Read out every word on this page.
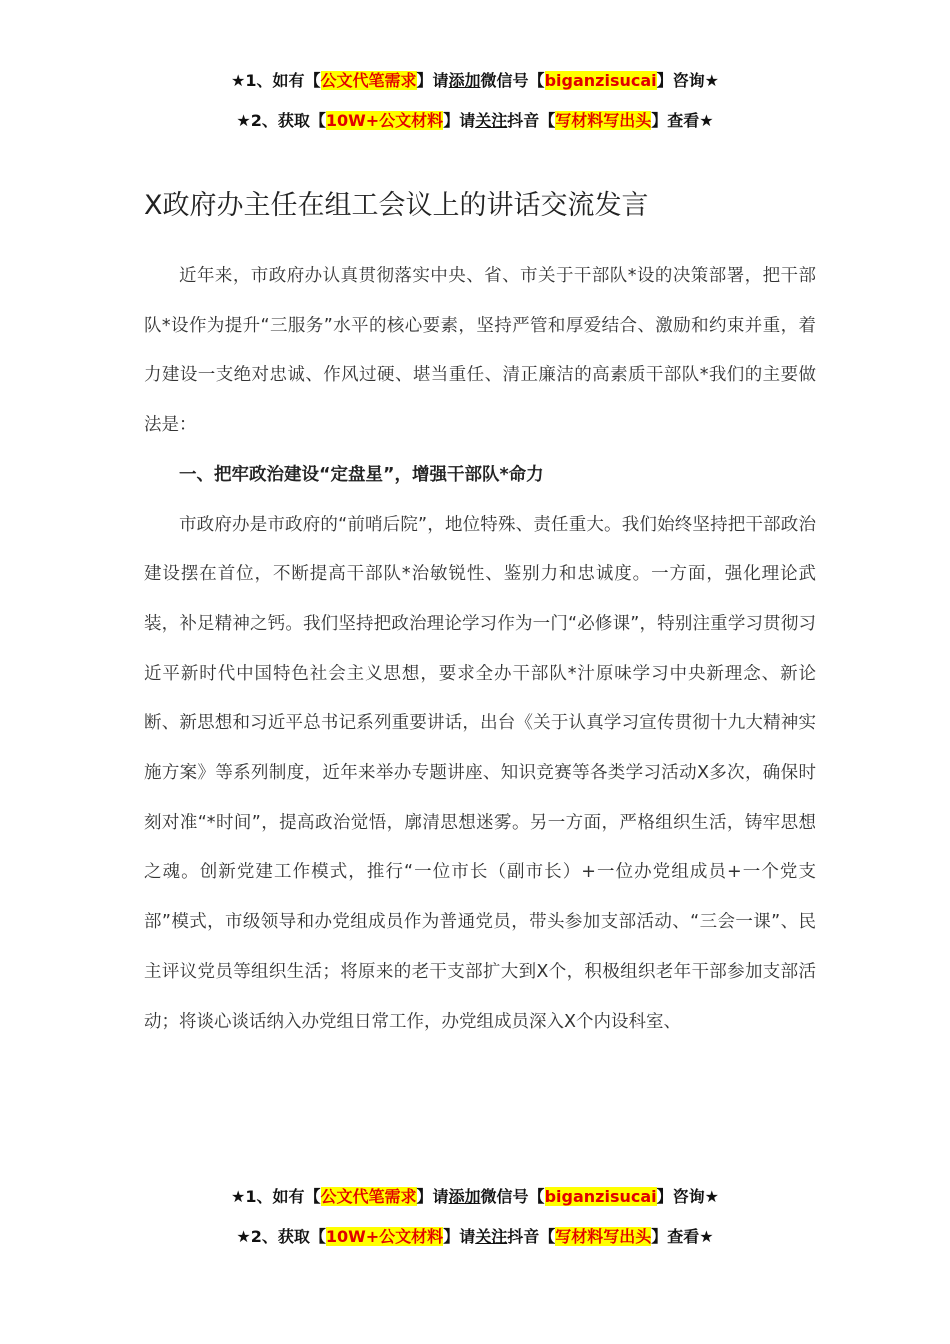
★1、如有【公文代笔需求】请添加微信号【biganzisucai】咨询★
★2、获取【10W+公文材料】请关注抖音【写材料写出头】查看★
X政府办主任在组工会议上的讲话交流发言

近年来，市政府办认真贯彻落实中央、省、市关于干部队*设的决策部署，把干部队*设作为提升“三服务”水平的核心要素，坚持严管和厚爱结合、激励和约束并重，着力建设一支绝对忠诚、作风过硬、堪当重任、清正廉洁的高素质干部队*我们的主要做法是：

一、把牢政治建设“定盘星”，增强干部队*命力

市政府办是市政府的“前哨后院”，地位特殊、责任重大。我们始终坚持把干部政治建设摆在首位，不断提高干部队*治敏锐性、鉴别力和忠诚度。一方面，强化理论武装，补足精神之钙。我们坚持把政治理论学习作为一门“必修课”，特别注重学习贯彻习近平新时代中国特色社会主义思想，要求全办干部队*汁原味学习中央新理念、新论断、新思想和习近平总书记系列重要讲话，出台《关于认真学习宣传贯彻十九大精神实施方案》等系列制度，近年来举办专题讲座、知识竞赛等各类学习活动X多次，确保时刻对准“*时间”，提高政治觉悟，廓清思想迷雾。另一方面，严格组织生活，铸牢思想之魂。创新党建工作模式，推行“一位市长（副市长）+一位办党组成员+一个党支部”模式，市级领导和办党组成员作为普通党员，带头参加支部活动、“三会一课”、民主评议党员等组织生活；将原来的老干支部扩大到X个，积极组织老年干部参加支部活动；将谈心谈话纳入办党组日常工作，办党组成员深入X个内设科室、

★1、如有【公文代笔需求】请添加微信号【biganzisucai】咨询★
★2、获取【10W+公文材料】请关注抖音【写材料写出头】查看★
